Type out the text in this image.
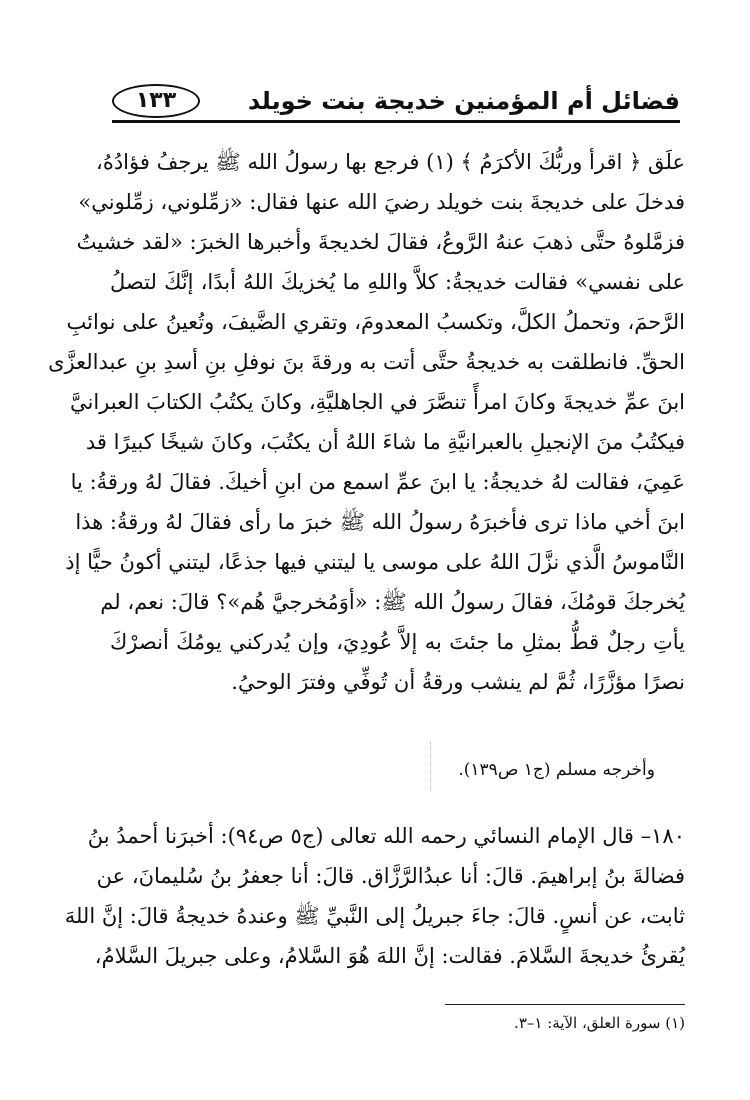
فضائل أم المؤمنين خديجة بنت خويلد
١٣٣
علَق ﴿ اقرأ وربُّكَ الأكرَمُ ﴾ (١) فرجع بها رسولُ الله ﷺ يرجفُ فؤادُهُ،
فدخلَ على خديجةَ بنت خويلد رضيَ الله عنها فقال: «زمِّلوني، زمِّلوني»
فزمَّلوهُ حتَّى ذهبَ عنهُ الرَّوعُ، فقالَ لخديجةَ وأخبرها الخبرَ: «لقد خشيتُ
على نفسي» فقالت خديجةُ: كلاَّ واللهِ ما يُخزيكَ اللهُ أبدًا، إنَّكَ لتصلُ
الرَّحمَ، وتحملُ الكلَّ، وتكسبُ المعدومَ، وتقري الضَّيفَ، وتُعينُ على نوائبِ
الحقِّ. فانطلقت به خديجةُ حتَّى أتت به ورقةَ بنَ نوفلِ بنِ أسدِ بنِ عبدالعزَّى
ابنَ عمِّ خديجةَ وكانَ امرأً تنصَّرَ في الجاهليَّةِ، وكانَ يكتُبُ الكتابَ العبرانيَّ
فيكتُبُ منَ الإنجيلِ بالعبرانيَّةِ ما شاءَ اللهُ أن يكتُبَ، وكانَ شيخًا كبيرًا قد
عَمِيَ، فقالت لهُ خديجةُ: يا ابنَ عمِّ اسمع من ابنِ أخيكَ. فقالَ لهُ ورقةُ: يا
ابنَ أخي ماذا ترى فأخبرَهُ رسولُ الله ﷺ خبرَ ما رأى فقالَ لهُ ورقةُ: هذا
النَّاموسُ الَّذي نزَّلَ اللهُ على موسى يا ليتني فيها جذعًا، ليتني أكونُ حيًّا إذ
يُخرجكَ قومُكَ، فقالَ رسولُ الله ﷺ: «أوَمُخرجيَّ هُم»؟ قالَ: نعم، لم
يأتِ رجلٌ قطُّ بمثلِ ما جئتَ به إلاَّ عُودِيَ، وإن يُدركني يومُكَ أنصرْكَ
نصرًا مؤزَّرًا، ثُمَّ لم ينشب ورقةُ أن تُوفِّي وفترَ الوحيُ.
وأخرجه مسلم (ج١ ص١٣٩).
١٨٠– قال الإمام النسائي رحمه الله تعالى (ج٥ ص٩٤): أخبرَنا أحمدُ بنُ
فضالةَ بنُ إبراهيمَ. قالَ: أنا عبدُالرَّزَّاق. قالَ: أنا جعفرُ بنُ سُليمانَ، عن
ثابت، عن أنسٍ. قالَ: جاءَ جبريلُ إلى النَّبيِّ ﷺ وعندهُ خديجةُ قالَ: إنَّ اللهَ
يُقرئُ خديجةَ السَّلامَ. فقالت: إنَّ اللهَ هُوَ السَّلامُ، وعلى جبريلَ السَّلامُ،
(١) سورة العلق، الآية: ١–٣.
